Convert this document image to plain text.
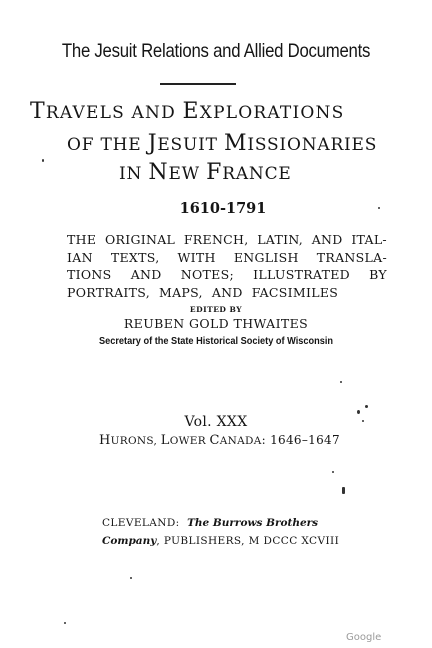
The Jesuit Relations and Allied Documents
TRAVELS AND EXPLORATIONS
OF THE JESUIT MISSIONARIES
IN NEW FRANCE
1610-1791
THE ORIGINAL FRENCH, LATIN, AND ITAL-
IAN TEXTS, WITH ENGLISH TRANSLA-
TIONS AND NOTES; ILLUSTRATED BY
PORTRAITS, MAPS, AND FACSIMILES
EDITED BY
REUBEN GOLD THWAITES
Secretary of the State Historical Society of Wisconsin
Vol. XXX
HURONS, LOWER CANADA: 1646–1647
CLEVELAND: The Burrows Brothers
Company, PUBLISHERS, M DCCC XCVIII
Google
